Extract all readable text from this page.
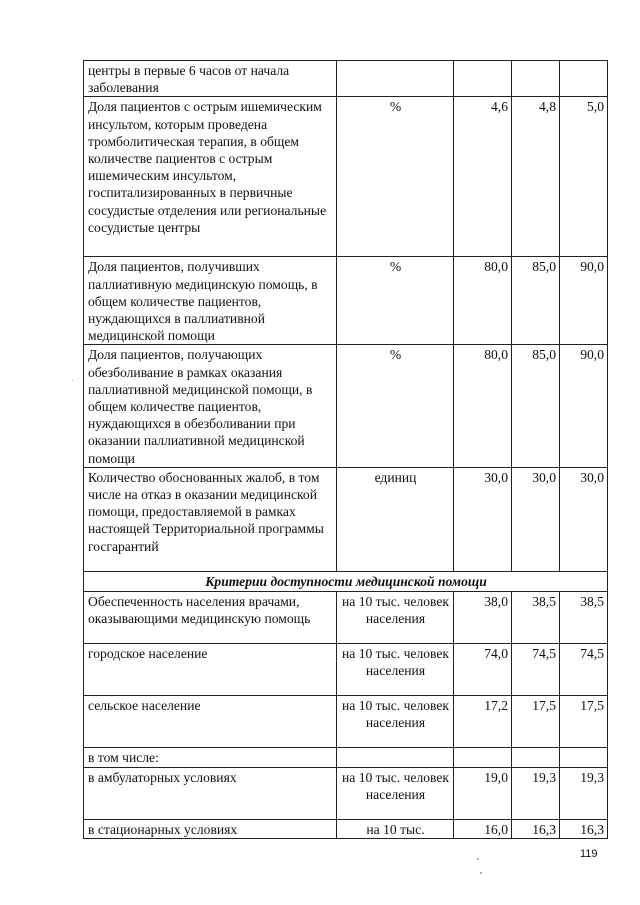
центры в первые 6 часов от начала заболевания				
Доля пациентов с острым ишемическим инсультом, которым проведена тромболитическая терапия, в общем количестве пациентов с острым ишемическим инсультом, госпитализированных в первичные сосудистые отделения или региональные сосудистые центры	%	4,6	4,8	5,0
Доля пациентов, получивших паллиативную медицинскую помощь, в общем количестве пациентов, нуждающихся в паллиативной медицинской помощи	%	80,0	85,0	90,0
Доля пациентов, получающих обезболивание в рамках оказания паллиативной медицинской помощи, в общем количестве пациентов, нуждающихся в обезболивании при оказании паллиативной медицинской помощи	%	80,0	85,0	90,0
Количество обоснованных жалоб, в том числе на отказ в оказании медицинской помощи, предоставляемой в рамках настоящей Территориальной программы госгарантий	единиц	30,0	30,0	30,0
Критерии доступности медицинской помощи				
Обеспеченность населения врачами, оказывающими медицинскую помощь	на 10 тыс. человек населения	38,0	38,5	38,5
городское население	на 10 тыс. человек населения	74,0	74,5	74,5
сельское население	на 10 тыс. человек населения	17,2	17,5	17,5
в том числе:				
в амбулаторных условиях	на 10 тыс. человек населения	19,0	19,3	19,3
в стационарных условиях	на 10 тыс.	16,0	16,3	16,3
119
